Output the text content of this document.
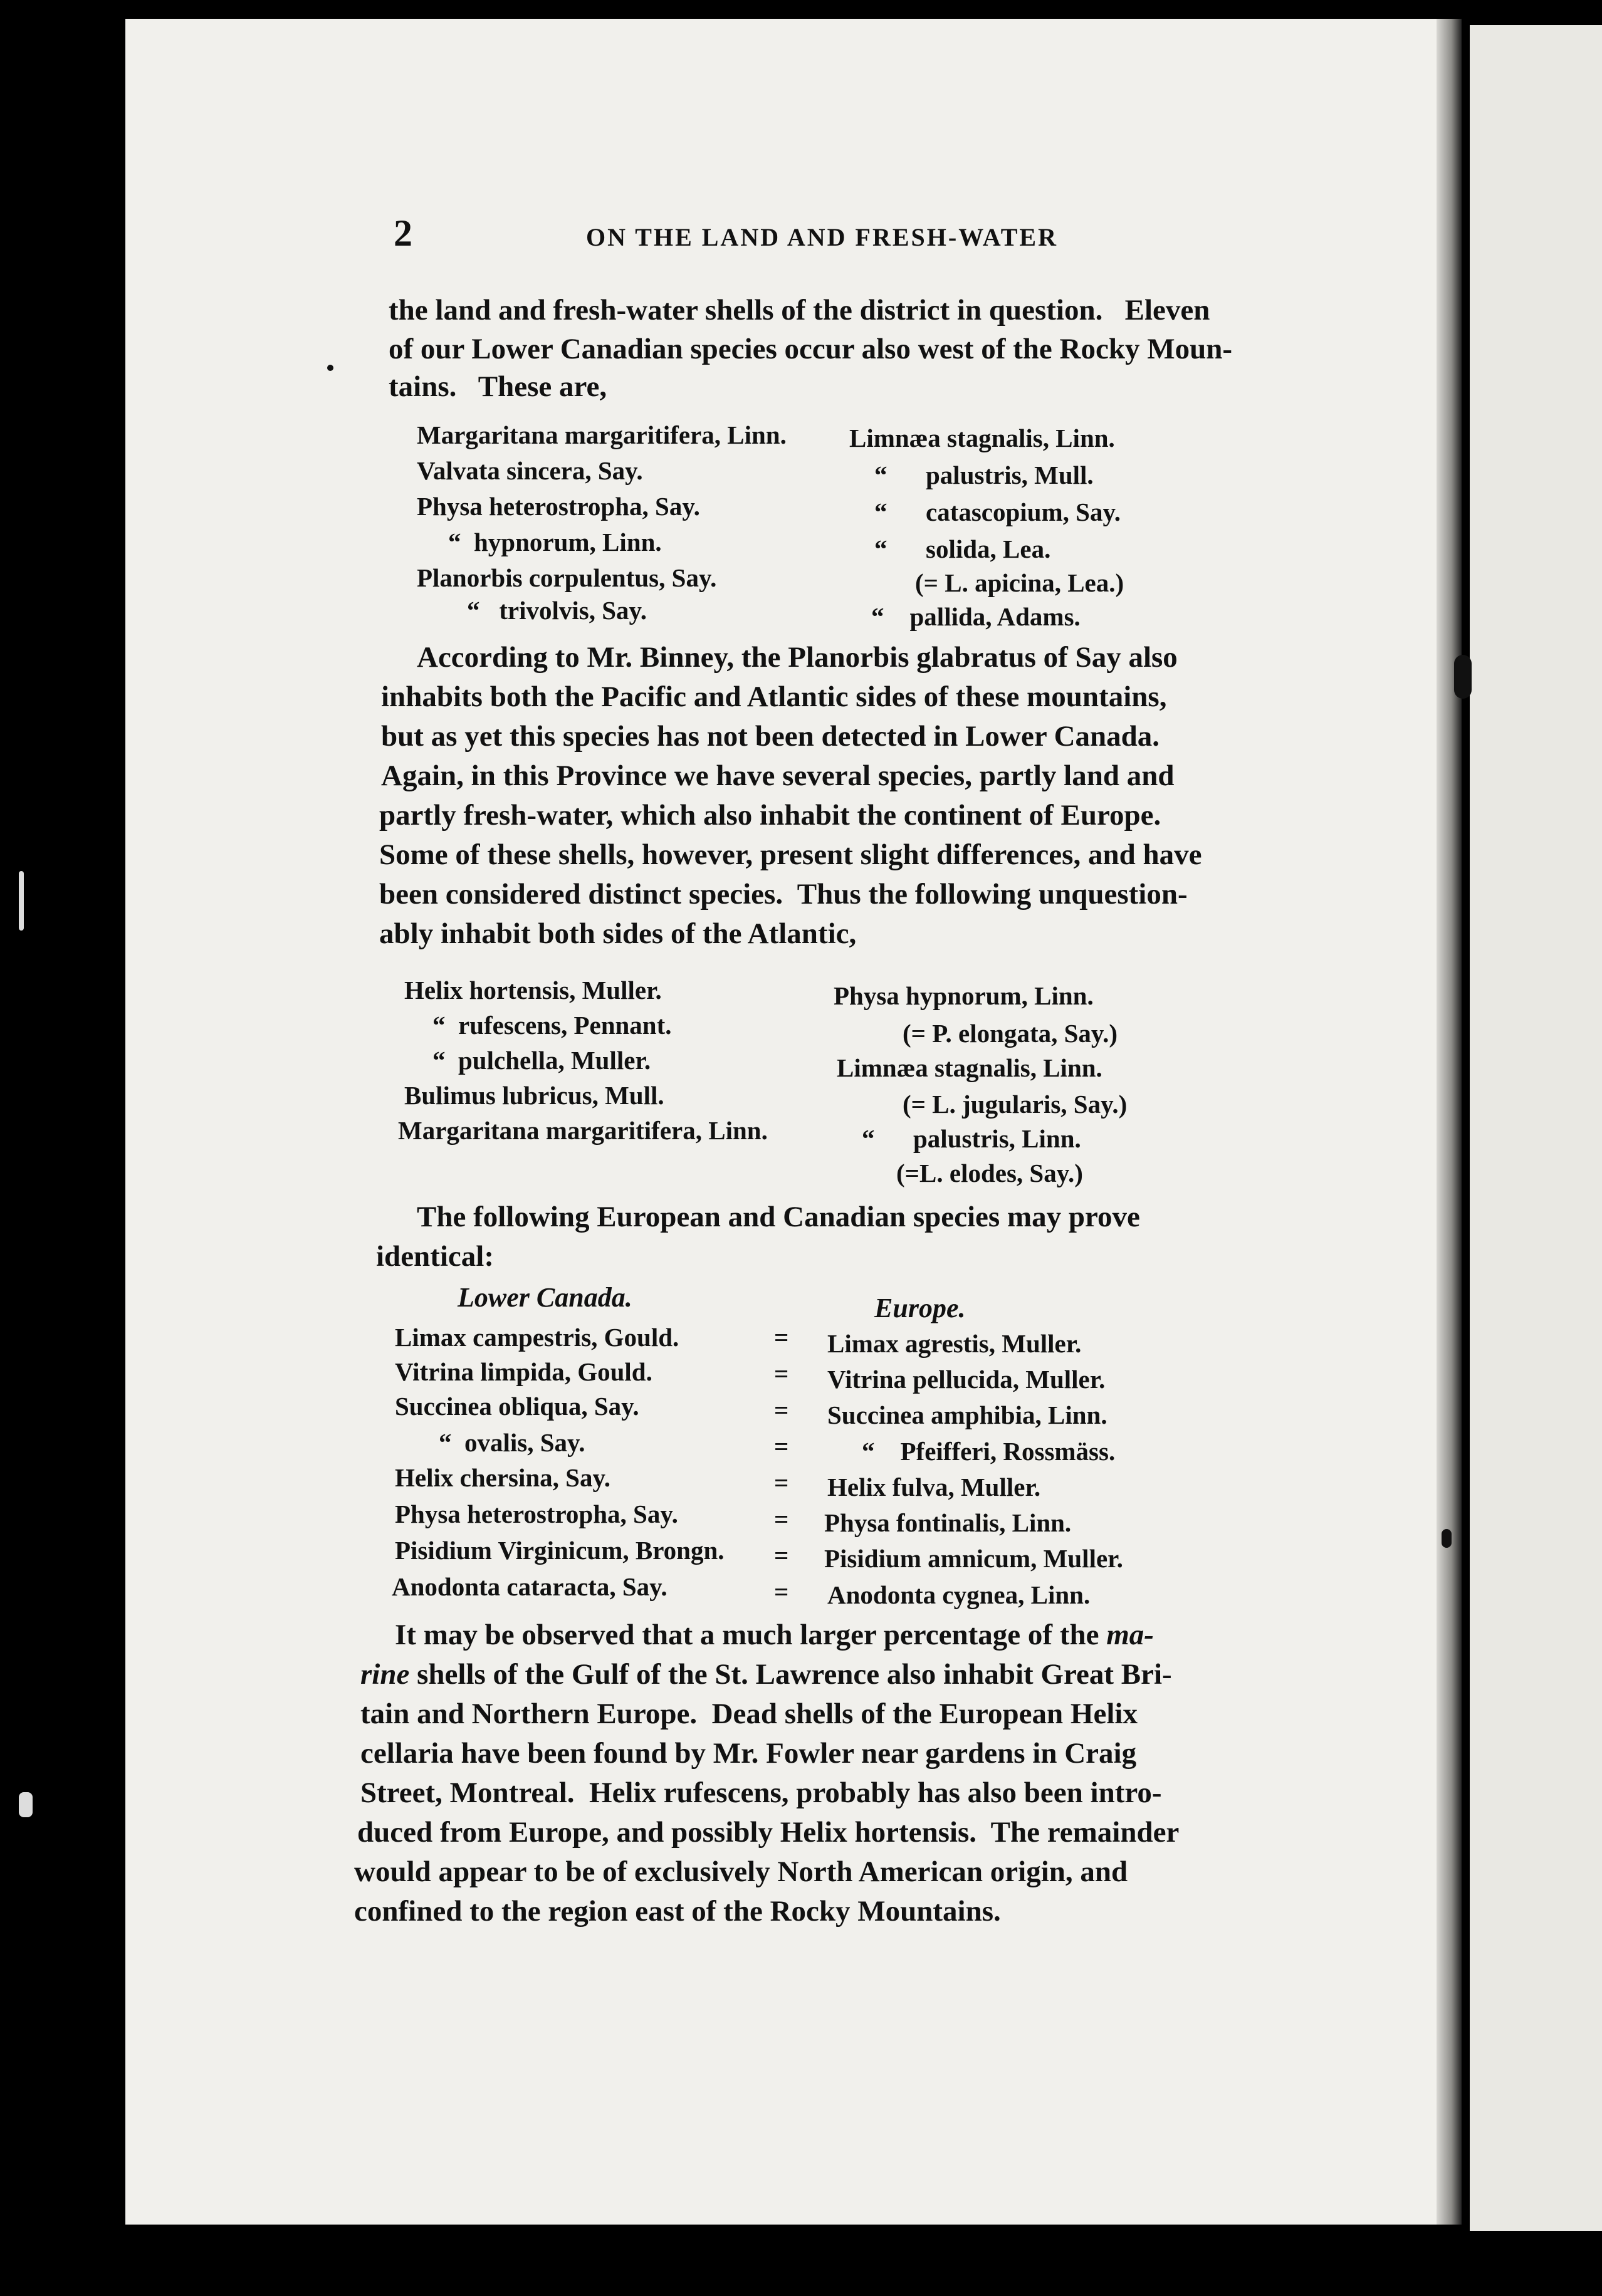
2	ON THE LAND AND FRESH-WATER
the land and fresh-water shells of the district in question.   Eleven
of our Lower Canadian species occur also west of the Rocky Moun-
tains.   These are,
Margaritana margaritifera, Linn.
Valvata sincera, Say.
Physa heterostropha, Say.
“  hypnorum, Linn.
Planorbis corpulentus, Say.
“   trivolvis, Say.
Limnæa stagnalis, Linn.
“      palustris, Mull.
“      catascopium, Say.
“      solida, Lea.
(= L. apicina, Lea.)
“    pallida, Adams.
According to Mr. Binney, the Planorbis glabratus of Say also
inhabits both the Pacific and Atlantic sides of these mountains,
but as yet this species has not been detected in Lower Canada.
Again, in this Province we have several species, partly land and
partly fresh-water, which also inhabit the continent of Europe.
Some of these shells, however, present slight differences, and have
been considered distinct species.  Thus the following unquestion-
ably inhabit both sides of the Atlantic,
Helix hortensis, Muller.
“  rufescens, Pennant.
“  pulchella, Muller.
Bulimus lubricus, Mull.
Margaritana margaritifera, Linn.
Physa hypnorum, Linn.
(= P. elongata, Say.)
Limnæa stagnalis, Linn.
(= L. jugularis, Say.)
“      palustris, Linn.
(=L. elodes, Say.)
The following European and Canadian species may prove
identical:
Lower Canada.	Europe.
Limax campestris, Gould.	= Limax agrestis, Muller.
Vitrina limpida, Gould.	= Vitrina pellucida, Muller.
Succinea obliqua, Say.	= Succinea amphibia, Linn.
“  ovalis, Say.	=	“    Pfeifferi, Rossmäss.
Helix chersina, Say.	= Helix fulva, Muller.
Physa heterostropha, Say.	= Physa fontinalis, Linn.
Pisidium Virginicum, Brongn. = Pisidium amnicum, Muller.
Anodonta cataracta, Say.	= Anodonta cygnea, Linn.
It may be observed that a much larger percentage of the ma-
rine shells of the Gulf of the St. Lawrence also inhabit Great Bri-
tain and Northern Europe.  Dead shells of the European Helix
cellaria have been found by Mr. Fowler near gardens in Craig
Street, Montreal.  Helix rufescens, probably has also been intro-
duced from Europe, and possibly Helix hortensis.  The remainder
would appear to be of exclusively North American origin, and
confined to the region east of the Rocky Mountains.
